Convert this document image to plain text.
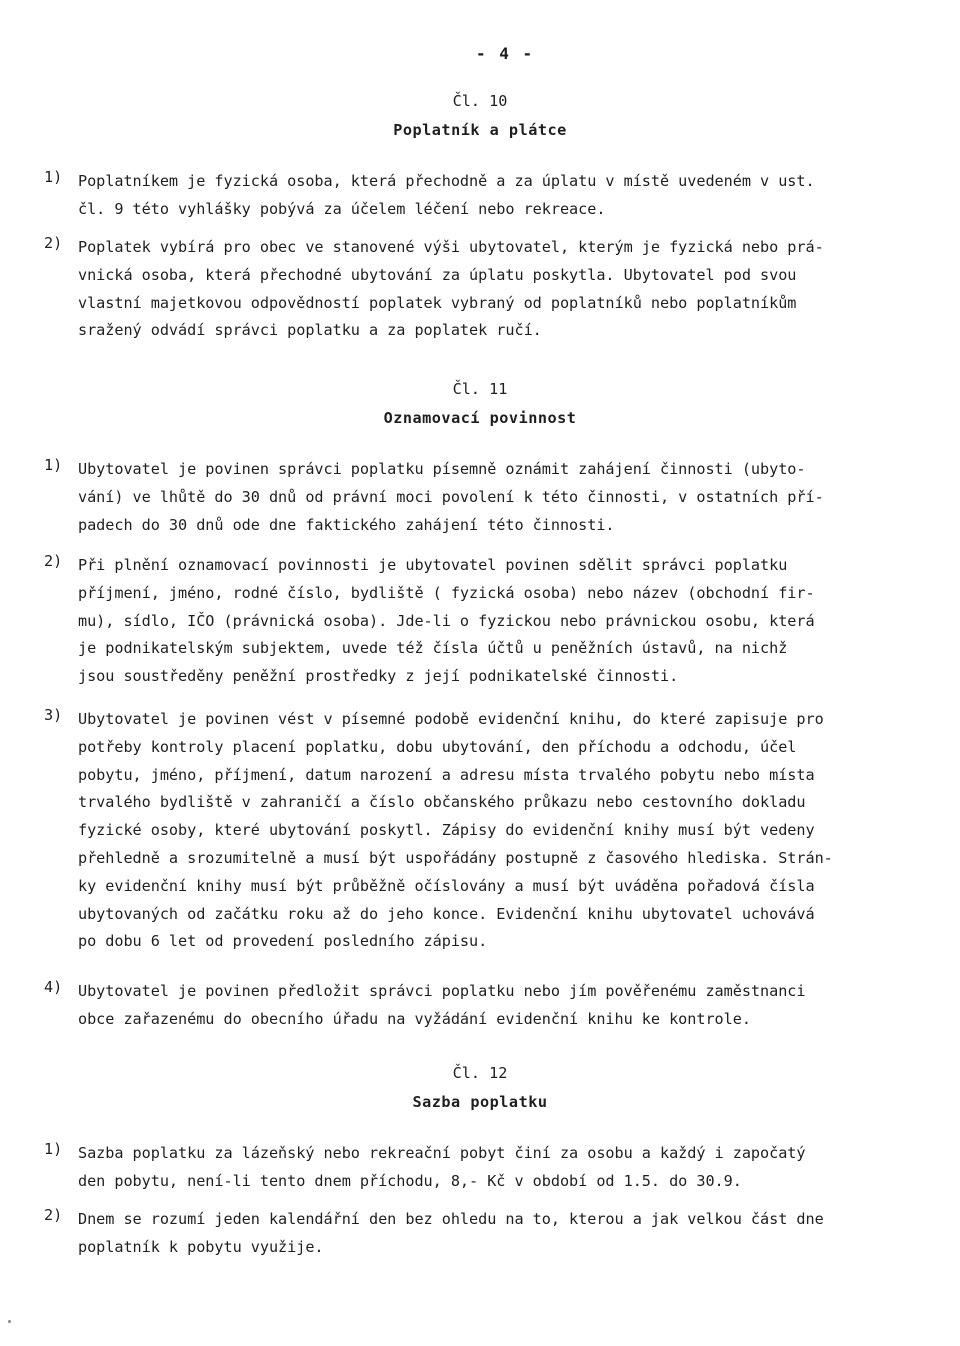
- 4 -
Čl. 10
Poplatník a plátce
1)	Poplatníkem je fyzická osoba, která přechodně a za úplatu v místě uvedeném v ust.
čl. 9 této vyhlášky pobývá za účelem léčení nebo rekreace.
2)	Poplatek vybírá pro obec ve stanovené výši ubytovatel, kterým je fyzická nebo prá-
vnická osoba, která přechodné ubytování za úplatu poskytla. Ubytovatel pod svou
vlastní majetkovou odpovědností poplatek vybraný od poplatníků nebo poplatníkům
sražený odvádí správci poplatku a za poplatek ručí.
Čl. 11
Oznamovací povinnost
1)	Ubytovatel je povinen správci poplatku písemně oznámit zahájení činnosti (ubyto-
vání) ve lhůtě do 30 dnů od právní moci povolení k této činnosti, v ostatních pří-
padech do 30 dnů ode dne faktického zahájení této činnosti.
2)	Při plnění oznamovací povinnosti je ubytovatel povinen sdělit správci poplatku
příjmení, jméno, rodné číslo, bydliště ( fyzická osoba) nebo název (obchodní fir-
mu), sídlo, IČO (právnická osoba). Jde-li o fyzickou nebo právnickou osobu, která
je podnikatelským subjektem, uvede též čísla účtů u peněžních ústavů, na nichž
jsou soustředěny peněžní prostředky z její podnikatelské činnosti.
3)	Ubytovatel je povinen vést v písemné podobě evidenční knihu, do které zapisuje pro
potřeby kontroly placení poplatku, dobu ubytování, den příchodu a odchodu, účel
pobytu, jméno, příjmení, datum narození a adresu místa trvalého pobytu nebo místa
trvalého bydliště v zahraničí a číslo občanského průkazu nebo cestovního dokladu
fyzické osoby, které ubytování poskytl. Zápisy do evidenční knihy musí být vedeny
přehledně a srozumitelně a musí být uspořádány postupně z časového hlediska. Strán-
ky evidenční knihy musí být průběžně očíslovány a musí být uváděna pořadová čísla
ubytovaných od začátku roku až do jeho konce. Evidenční knihu ubytovatel uchovává
po dobu 6 let od provedení posledního zápisu.
4)	Ubytovatel je povinen předložit správci poplatku nebo jím pověřenému zaměstnanci
obce zařazenému do obecního úřadu na vyžádání evidenční knihu ke kontrole.
Čl. 12
Sazba poplatku
1)	Sazba poplatku za lázeňský nebo rekreační pobyt činí za osobu a každý i započatý
den pobytu, není-li tento dnem příchodu, 8,- Kč v období od 1.5. do 30.9.
2)	Dnem se rozumí jeden kalendářní den bez ohledu na to, kterou a jak velkou část dne
poplatník k pobytu využije.
